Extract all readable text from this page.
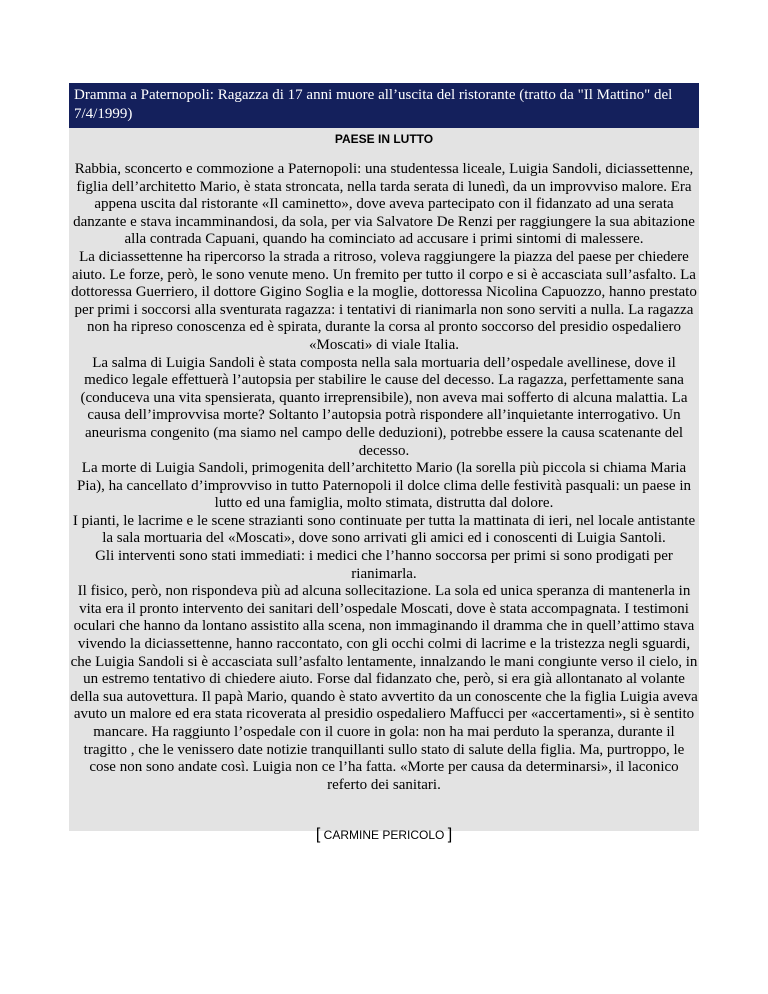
Dramma a Paternopoli: Ragazza di 17 anni muore all’uscita del ristorante (tratto da "Il Mattino" del 7/4/1999)
PAESE IN LUTTO

Rabbia, sconcerto e commozione a Paternopoli: una studentessa liceale, Luigia Sandoli, diciassettenne, figlia dell’architetto Mario, è stata stroncata, nella tarda serata di lunedì, da un improvviso malore. Era appena uscita dal ristorante «Il caminetto», dove aveva partecipato con il fidanzato ad una serata danzante e stava incamminandosi, da sola, per via Salvatore De Renzi per raggiungere la sua abitazione alla contrada Capuani, quando ha cominciato ad accusare i primi sintomi di malessere.

La diciassettenne ha ripercorso la strada a ritroso, voleva raggiungere la piazza del paese per chiedere aiuto. Le forze, però, le sono venute meno. Un fremito per tutto il corpo e si è accasciata sull’asfalto. La dottoressa Guerriero, il dottore Gigino Soglia e la moglie, dottoressa Nicolina Capuozzo, hanno prestato per primi i soccorsi alla sventurata ragazza: i tentativi di rianimarla non sono serviti a nulla. La ragazza non ha ripreso conoscenza ed è spirata, durante la corsa al pronto soccorso del presidio ospedaliero «Moscati» di viale Italia.

La salma di Luigia Sandoli è stata composta nella sala mortuaria dell’ospedale avellinese, dove il medico legale effettuerà l’autopsia per stabilire le cause del decesso. La ragazza, perfettamente sana (conduceva una vita spensierata, quanto irreprensibile), non aveva mai sofferto di alcuna malattia. La causa dell’improvvisa morte? Soltanto l’autopsia potrà rispondere all’inquietante interrogativo. Un aneurisma congenito (ma siamo nel campo delle deduzioni), potrebbe essere la causa scatenante del decesso.

La morte di Luigia Sandoli, primogenita dell’architetto Mario (la sorella più piccola si chiama Maria Pia), ha cancellato d’improvviso in tutto Paternopoli il dolce clima delle festività pasquali: un paese in lutto ed una famiglia, molto stimata, distrutta dal dolore.

I pianti, le lacrime e le scene strazianti sono continuate per tutta la mattinata di ieri, nel locale antistante la sala mortuaria del «Moscati», dove sono arrivati gli amici ed i conoscenti di Luigia Santoli.

Gli interventi sono stati immediati: i medici che l’hanno soccorsa per primi si sono prodigati per rianimarla.

Il fisico, però, non rispondeva più ad alcuna sollecitazione. La sola ed unica speranza di mantenerla in vita era il pronto intervento dei sanitari dell’ospedale Moscati, dove è stata accompagnata. I testimoni oculari che hanno da lontano assistito alla scena, non immaginando il dramma che in quell’attimo stava vivendo la diciassettenne, hanno raccontato, con gli occhi colmi di lacrime e la tristezza negli sguardi, che Luigia Sandoli si è accasciata sull’asfalto lentamente, innalzando le mani congiunte verso il cielo, in un estremo tentativo di chiedere aiuto. Forse dal fidanzato che, però, si era già allontanato al volante della sua autovettura. Il papà Mario, quando è stato avvertito da un conoscente che la figlia Luigia aveva avuto un malore ed era stata ricoverata al presidio ospedaliero Maffucci per «accertamenti», si è sentito mancare. Ha raggiunto l’ospedale con il cuore in gola: non ha mai perduto la speranza, durante il tragitto , che le venissero date notizie tranquillanti sullo stato di salute della figlia. Ma, purtroppo, le cose non sono andate così. Luigia non ce l’ha fatta. «Morte per causa da determinarsi», il laconico referto dei sanitari.

[ CARMINE PERICOLO ]
